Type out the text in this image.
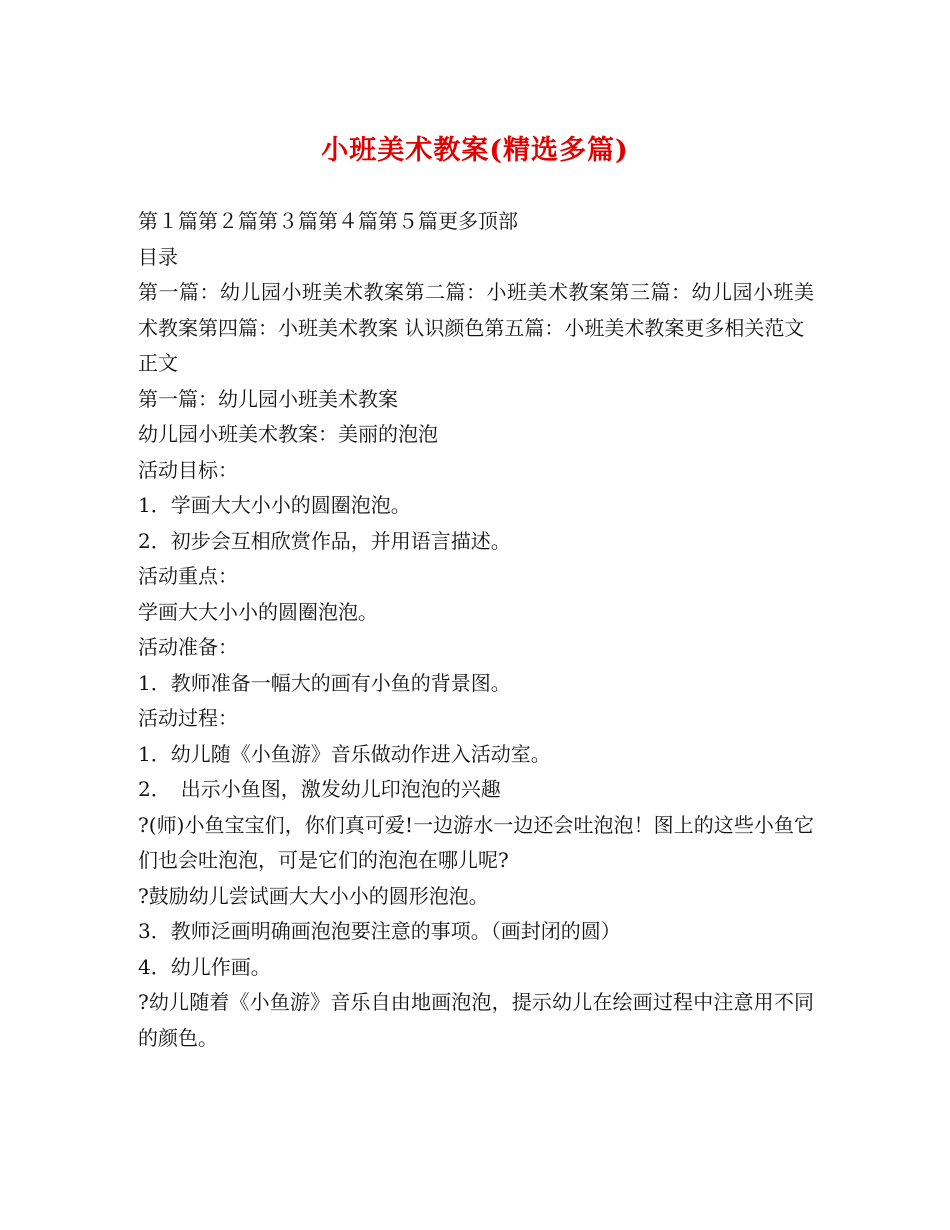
小班美术教案(精选多篇)

第１篇第２篇第３篇第４篇第５篇更多顶部

目录

第一篇：幼儿园小班美术教案第二篇：小班美术教案第三篇：幼儿园小班美术教案第四篇：小班美术教案 认识颜色第五篇：小班美术教案更多相关范文

正文

第一篇：幼儿园小班美术教案

幼儿园小班美术教案：美丽的泡泡

活动目标：

1．学画大大小小的圆圈泡泡。

2．初步会互相欣赏作品，并用语言描述。

活动重点：

学画大大小小的圆圈泡泡。

活动准备：

1．教师准备一幅大的画有小鱼的背景图。

活动过程：

1．幼儿随《小鱼游》音乐做动作进入活动室。

2．　出示小鱼图，激发幼儿印泡泡的兴趣

?(师)小鱼宝宝们，你们真可爱!一边游水一边还会吐泡泡！图上的这些小鱼它们也会吐泡泡，可是它们的泡泡在哪儿呢?

?鼓励幼儿尝试画大大小小的圆形泡泡。

3．教师泛画明确画泡泡要注意的事项。（画封闭的圆）

4．幼儿作画。

?幼儿随着《小鱼游》音乐自由地画泡泡，提示幼儿在绘画过程中注意用不同的颜色。
